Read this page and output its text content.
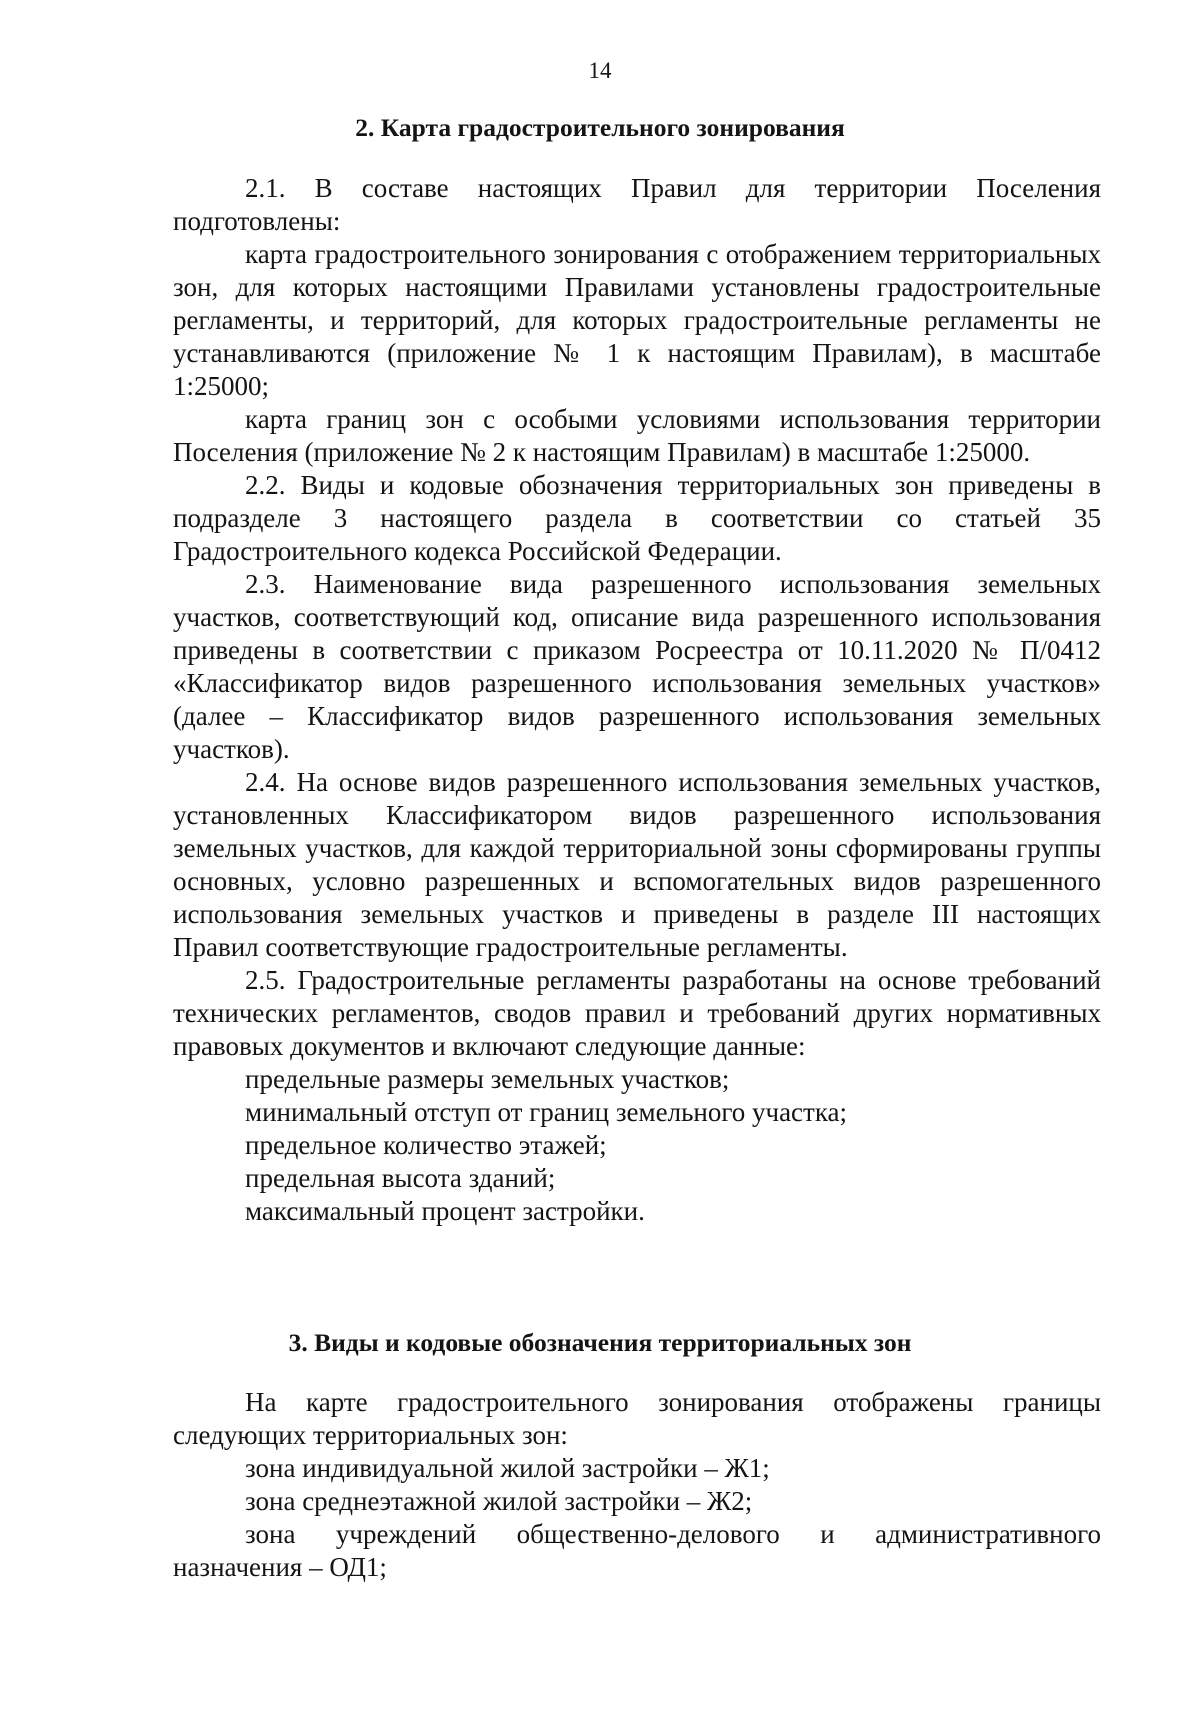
14
2. Карта градостроительного зонирования

2.1. В составе настоящих Правил для территории Поселения подготовлены:

карта градостроительного зонирования с отображением территориальных зон, для которых настоящими Правилами установлены градостроительные регламенты, и территорий, для которых градостроительные регламенты не устанавливаются (приложение № 1 к настоящим Правилам), в масштабе 1:25000;

карта границ зон с особыми условиями использования территории Поселения (приложение № 2 к настоящим Правилам) в масштабе 1:25000.

2.2. Виды и кодовые обозначения территориальных зон приведены в подразделе 3 настоящего раздела в соответствии со статьей 35 Градостроительного кодекса Российской Федерации.

2.3. Наименование вида разрешенного использования земельных участков, соответствующий код, описание вида разрешенного использования приведены в соответствии с приказом Росреестра от 10.11.2020 № П/0412 «Классификатор видов разрешенного использования земельных участков» (далее – Классификатор видов разрешенного использования земельных участков).

2.4. На основе видов разрешенного использования земельных участков, установленных Классификатором видов разрешенного использования земельных участков, для каждой территориальной зоны сформированы группы основных, условно разрешенных и вспомогательных видов разрешенного использования земельных участков и приведены в разделе III настоящих Правил соответствующие градостроительные регламенты.

2.5. Градостроительные регламенты разработаны на основе требований технических регламентов, сводов правил и требований других нормативных правовых документов и включают следующие данные:

предельные размеры земельных участков;

минимальный отступ от границ земельного участка;

предельное количество этажей;

предельная высота зданий;

максимальный процент застройки.

3. Виды и кодовые обозначения территориальных зон

На карте градостроительного зонирования отображены границы следующих территориальных зон:

зона индивидуальной жилой застройки – Ж1;

зона среднеэтажной жилой застройки – Ж2;

зона учреждений общественно-делового и административного назначения – ОД1;
